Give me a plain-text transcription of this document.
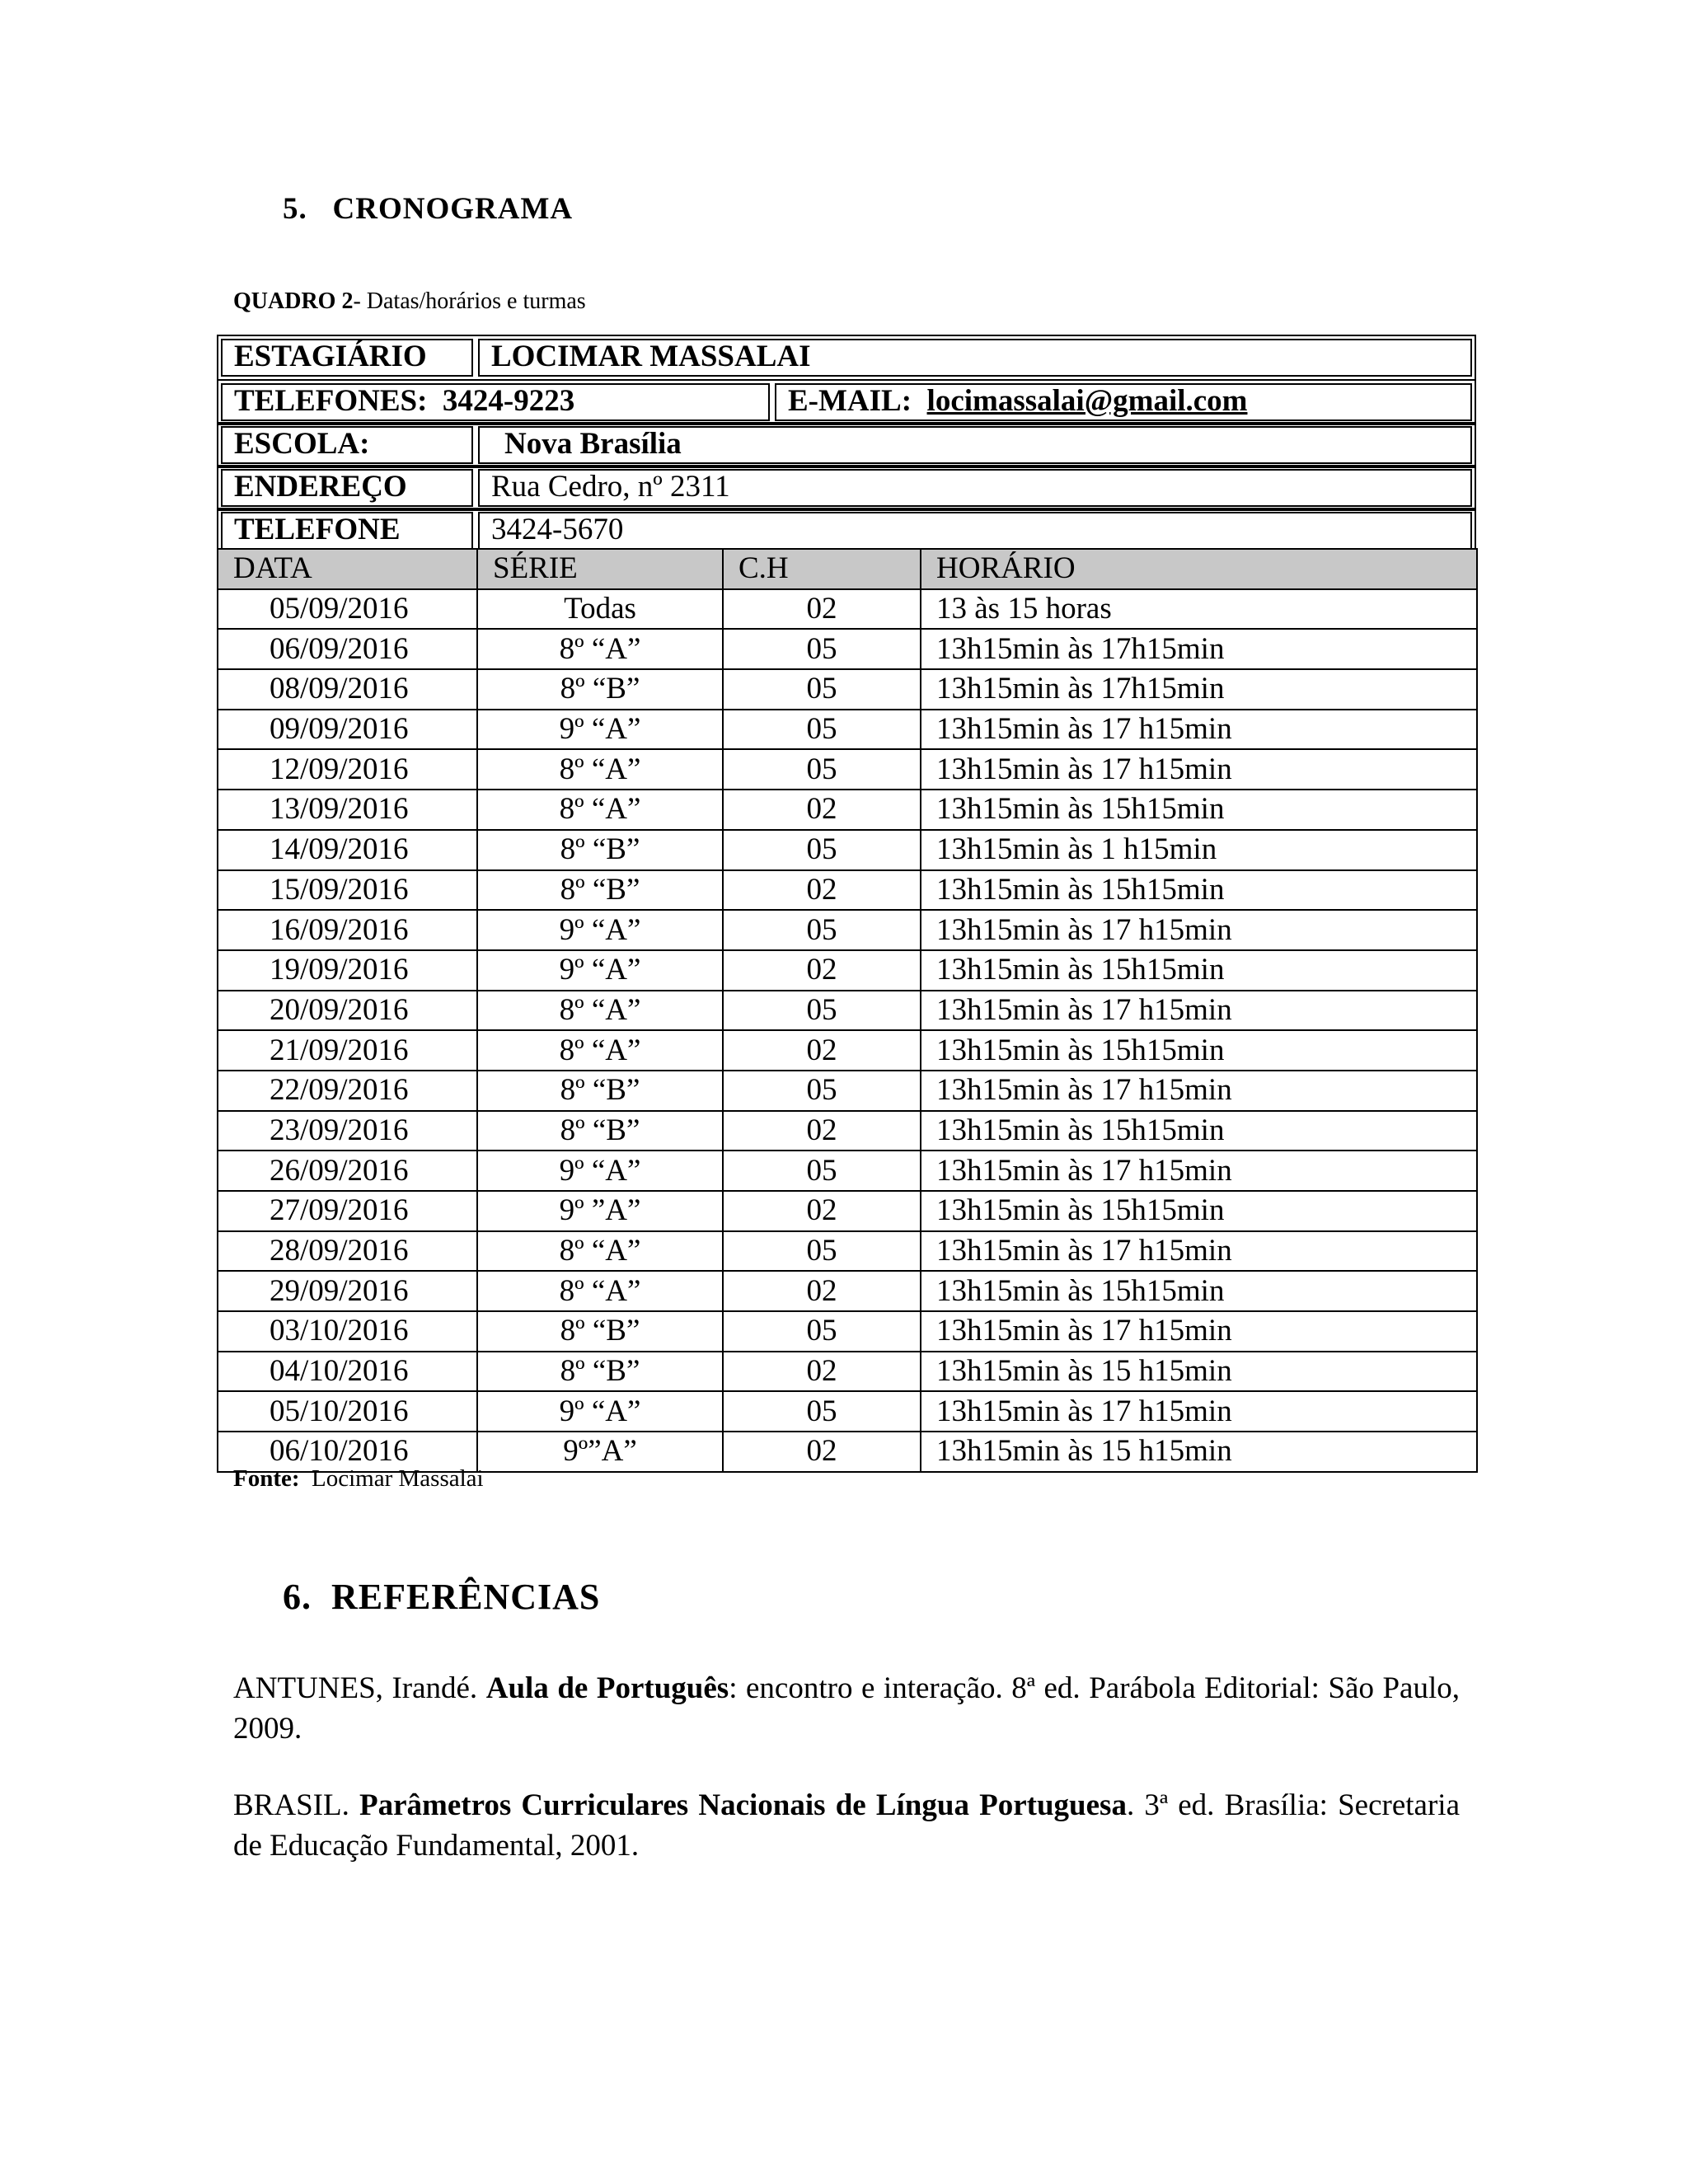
5. CRONOGRAMA
QUADRO 2- Datas/horários e turmas
ESTAGIÁRIO	LOCIMAR MASSALAI
TELEFONES: 3424-9223	E-MAIL: locimassalai@gmail.com
ESCOLA:	Nova Brasília
ENDEREÇO	Rua Cedro, nº 2311
TELEFONE	3424-5670
DATA	SÉRIE	C.H	HORÁRIO
05/09/2016	Todas	02	13 às 15 horas
06/09/2016	8º “A”	05	13h15min às 17h15min
08/09/2016	8º “B”	05	13h15min às 17h15min
09/09/2016	9º “A”	05	13h15min às 17 h15min
12/09/2016	8º “A”	05	13h15min às 17 h15min
13/09/2016	8º “A”	02	13h15min às 15h15min
14/09/2016	8º “B”	05	13h15min às 1 h15min
15/09/2016	8º “B”	02	13h15min às 15h15min
16/09/2016	9º “A”	05	13h15min às 17 h15min
19/09/2016	9º “A”	02	13h15min às 15h15min
20/09/2016	8º “A”	05	13h15min às 17 h15min
21/09/2016	8º “A”	02	13h15min às 15h15min
22/09/2016	8º “B”	05	13h15min às 17 h15min
23/09/2016	8º “B”	02	13h15min às 15h15min
26/09/2016	9º “A”	05	13h15min às 17 h15min
27/09/2016	9º ”A”	02	13h15min às 15h15min
28/09/2016	8º “A”	05	13h15min às 17 h15min
29/09/2016	8º “A”	02	13h15min às 15h15min
03/10/2016	8º “B”	05	13h15min às 17 h15min
04/10/2016	8º “B”	02	13h15min às 15 h15min
05/10/2016	9º “A”	05	13h15min às 17 h15min
06/10/2016	9º”A”	02	13h15min às 15 h15min
Fonte: Locimar Massalai
6. REFERÊNCIAS
ANTUNES, Irandé. Aula de Português: encontro e interação. 8ª ed. Parábola Editorial: São Paulo, 2009.
BRASIL. Parâmetros Curriculares Nacionais de Língua Portuguesa. 3ª ed. Brasília: Secretaria de Educação Fundamental, 2001.
